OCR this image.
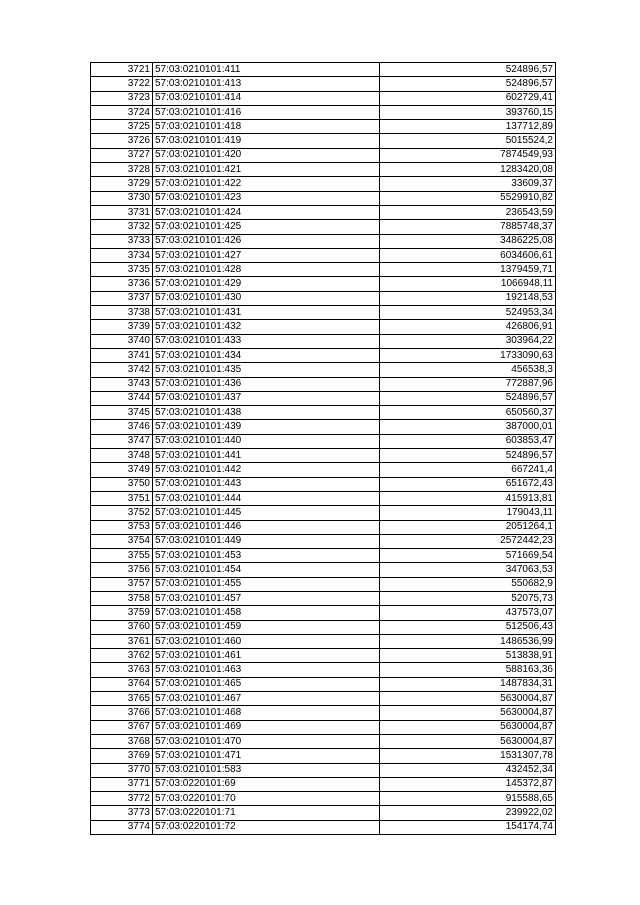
3721	57:03:0210101:411	524896,57
3722	57:03:0210101:413	524896,57
3723	57:03:0210101:414	602729,41
3724	57:03:0210101:416	393760,15
3725	57:03:0210101:418	137712,89
3726	57:03:0210101:419	5015524,2
3727	57:03:0210101:420	7874549,93
3728	57:03:0210101:421	1283420,08
3729	57:03:0210101:422	33609,37
3730	57:03:0210101:423	5529910,82
3731	57:03:0210101:424	236543,59
3732	57:03:0210101:425	7885748,37
3733	57:03:0210101:426	3486225,08
3734	57:03:0210101:427	6034606,61
3735	57:03:0210101:428	1379459,71
3736	57:03:0210101:429	1066948,11
3737	57:03:0210101:430	192148,53
3738	57:03:0210101:431	524953,34
3739	57:03:0210101:432	426806,91
3740	57:03:0210101:433	303964,22
3741	57:03:0210101:434	1733090,63
3742	57:03:0210101:435	456538,3
3743	57:03:0210101:436	772887,96
3744	57:03:0210101:437	524896,57
3745	57:03:0210101:438	650560,37
3746	57:03:0210101:439	387000,01
3747	57:03:0210101:440	603853,47
3748	57:03:0210101:441	524896,57
3749	57:03:0210101:442	667241,4
3750	57:03:0210101:443	651672,43
3751	57:03:0210101:444	415913,81
3752	57:03:0210101:445	179043,11
3753	57:03:0210101:446	2051264,1
3754	57:03:0210101:449	2572442,23
3755	57:03:0210101:453	571669,54
3756	57:03:0210101:454	347063,53
3757	57:03:0210101:455	550682,9
3758	57:03:0210101:457	52075,73
3759	57:03:0210101:458	437573,07
3760	57:03:0210101:459	512506,43
3761	57:03:0210101:460	1486536,99
3762	57:03:0210101:461	513838,91
3763	57:03:0210101:463	588163,36
3764	57:03:0210101:465	1487834,31
3765	57:03:0210101:467	5630004,87
3766	57:03:0210101:468	5630004,87
3767	57:03:0210101:469	5630004,87
3768	57:03:0210101:470	5630004,87
3769	57:03:0210101:471	1531307,78
3770	57:03:0210101:583	432452,34
3771	57:03:0220101:69	145372,87
3772	57:03:0220101:70	915588,65
3773	57:03:0220101:71	239922,02
3774	57:03:0220101:72	154174,74
